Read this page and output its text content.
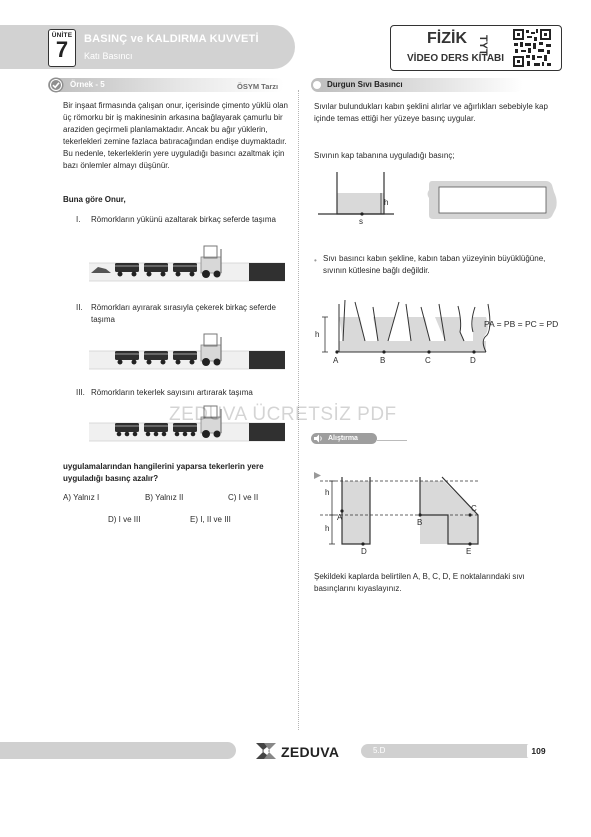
ÜNİTE
7	BASINÇ ve KALDIRMA KUVVETİ
Katı Basıncı
FİZİK
VİDEO DERS KİTABI
TYT
Örnek - 5	ÖSYM Tarzı
Bir inşaat firmasında çalışan onur, içerisinde çimento yüklü olan üç römorku bir iş makinesinin arkasına bağlayarak çamurlu bir araziden geçirmeli planlamaktadır. Ancak bu ağır yüklerin, tekerlekleri zemine fazlaca batıracağından endişe duymaktadır. Bu nedenle, tekerleklerin yere uyguladığı basıncı azaltmak için bazı önlemler almayı düşünür.
Buna göre Onur,
I. Römorkların yükünü azaltarak birkaç seferde taşıma
II. Römorkları ayırarak sırasıyla çekerek birkaç seferde taşıma
III. Römorkların tekerlek sayısını artırarak taşıma
uygulamalarından hangilerini yaparsa tekerlerin yere uyguladığı basınç azalır?
A) Yalnız I	B) Yalnız II	C) I ve II
D) I ve III	E) I, II ve III
Durgun Sıvı Basıncı
Sıvılar bulundukları kabın şeklini alırlar ve ağırlıkları sebebiyle kap içinde temas ettiği her yüzeye basınç uygular.
Sıvının kap tabanına uyguladığı basınç;
h
s
• Sıvı basıncı kabın şekline, kabın taban yüzeyinin büyüklüğüne, sıvının kütlesine bağlı değildir.
h
A	B	C	D
PA = PB = PC = PD
Alıştırma
h
h
A
B
C
D	E
Şekildeki kaplarda belirtilen A, B, C, D, E noktalarındaki sıvı basınçlarını kıyaslayınız.
ZEDUVA ÜCRETSİZ PDF
ZEDUVA	5.D	109
